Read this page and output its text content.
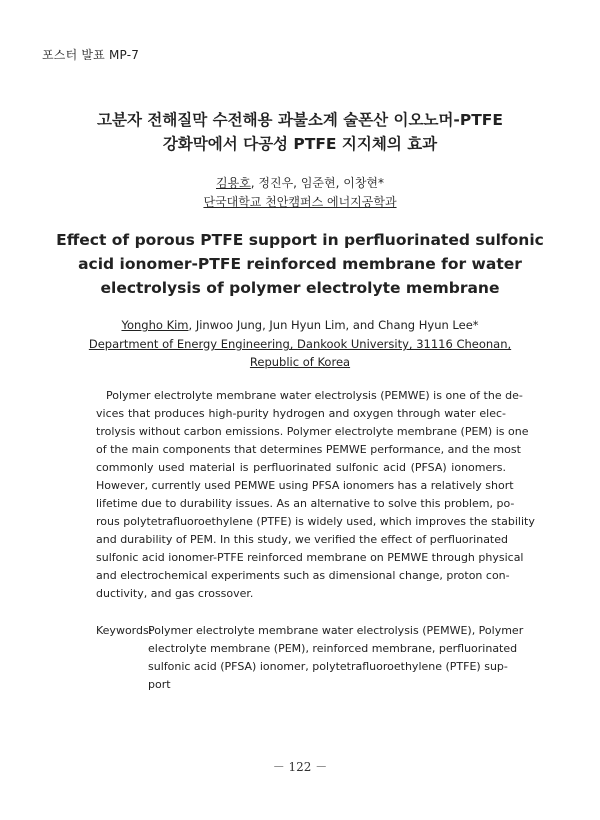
포스터 발표 MP-7
고분자 전해질막 수전해용 과불소계 술폰산 이오노머-PTFE
강화막에서 다공성 PTFE 지지체의 효과
김용호, 정진우, 임준현, 이창현*
단국대학교 천안캠퍼스 에너지공학과
Effect of porous PTFE support in perfluorinated sulfonic
acid ionomer-PTFE reinforced membrane for water
electrolysis of polymer electrolyte membrane
Yongho Kim, Jinwoo Jung, Jun Hyun Lim, and Chang Hyun Lee*
Department of Energy Engineering, Dankook University, 31116 Cheonan,
Republic of Korea
Polymer electrolyte membrane water electrolysis (PEMWE) is one of the de-
vices that produces high-purity hydrogen and oxygen through water elec-
trolysis without carbon emissions. Polymer electrolyte membrane (PEM) is one
of the main components that determines PEMWE performance, and the most
commonly used material is perfluorinated sulfonic acid (PFSA) ionomers.
However, currently used PEMWE using PFSA ionomers has a relatively short
lifetime due to durability issues. As an alternative to solve this problem, po-
rous polytetrafluoroethylene (PTFE) is widely used, which improves the stability
and durability of PEM. In this study, we verified the effect of perfluorinated
sulfonic acid ionomer-PTFE reinforced membrane on PEMWE through physical
and electrochemical experiments such as dimensional change, proton con-
ductivity, and gas crossover.
Keywords:
Polymer electrolyte membrane water electrolysis (PEMWE), Polymer
electrolyte membrane (PEM), reinforced membrane, perfluorinated
sulfonic acid (PFSA) ionomer, polytetrafluoroethylene (PTFE) sup-
port
－ 122 －
